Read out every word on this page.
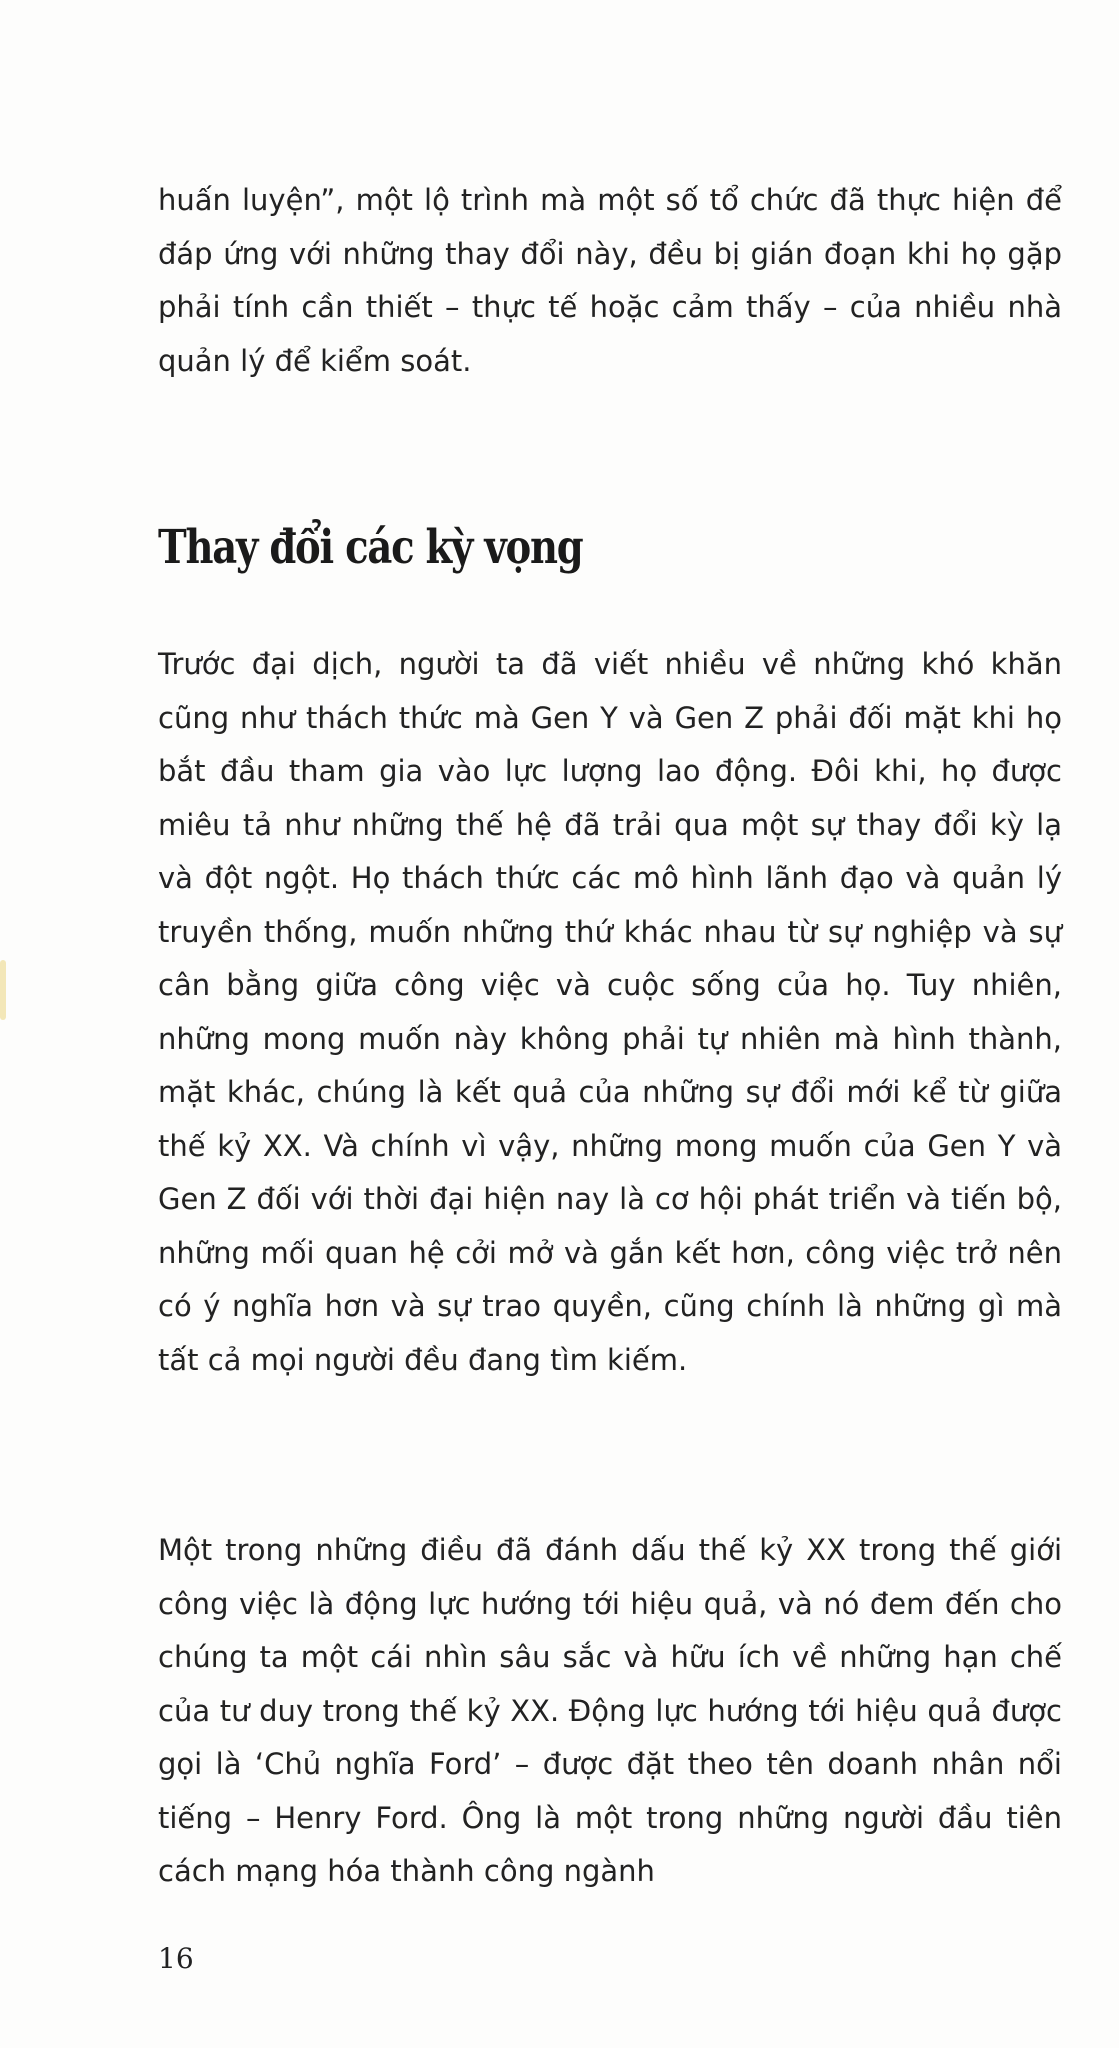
huấn luyện”, một lộ trình mà một số tổ chức đã thực hiện để đáp ứng với những thay đổi này, đều bị gián đoạn khi họ gặp phải tính cần thiết – thực tế hoặc cảm thấy – của nhiều nhà quản lý để kiểm soát.

Thay đổi các kỳ vọng

Trước đại dịch, người ta đã viết nhiều về những khó khăn cũng như thách thức mà Gen Y và Gen Z phải đối mặt khi họ bắt đầu tham gia vào lực lượng lao động. Đôi khi, họ được miêu tả như những thế hệ đã trải qua một sự thay đổi kỳ lạ và đột ngột. Họ thách thức các mô hình lãnh đạo và quản lý truyền thống, muốn những thứ khác nhau từ sự nghiệp và sự cân bằng giữa công việc và cuộc sống của họ. Tuy nhiên, những mong muốn này không phải tự nhiên mà hình thành, mặt khác, chúng là kết quả của những sự đổi mới kể từ giữa thế kỷ XX. Và chính vì vậy, những mong muốn của Gen Y và Gen Z đối với thời đại hiện nay là cơ hội phát triển và tiến bộ, những mối quan hệ cởi mở và gắn kết hơn, công việc trở nên có ý nghĩa hơn và sự trao quyền, cũng chính là những gì mà tất cả mọi người đều đang tìm kiếm.

Một trong những điều đã đánh dấu thế kỷ XX trong thế giới công việc là động lực hướng tới hiệu quả, và nó đem đến cho chúng ta một cái nhìn sâu sắc và hữu ích về những hạn chế của tư duy trong thế kỷ XX. Động lực hướng tới hiệu quả được gọi là ‘Chủ nghĩa Ford’ – được đặt theo tên doanh nhân nổi tiếng – Henry Ford. Ông là một trong những người đầu tiên cách mạng hóa thành công ngành

16
